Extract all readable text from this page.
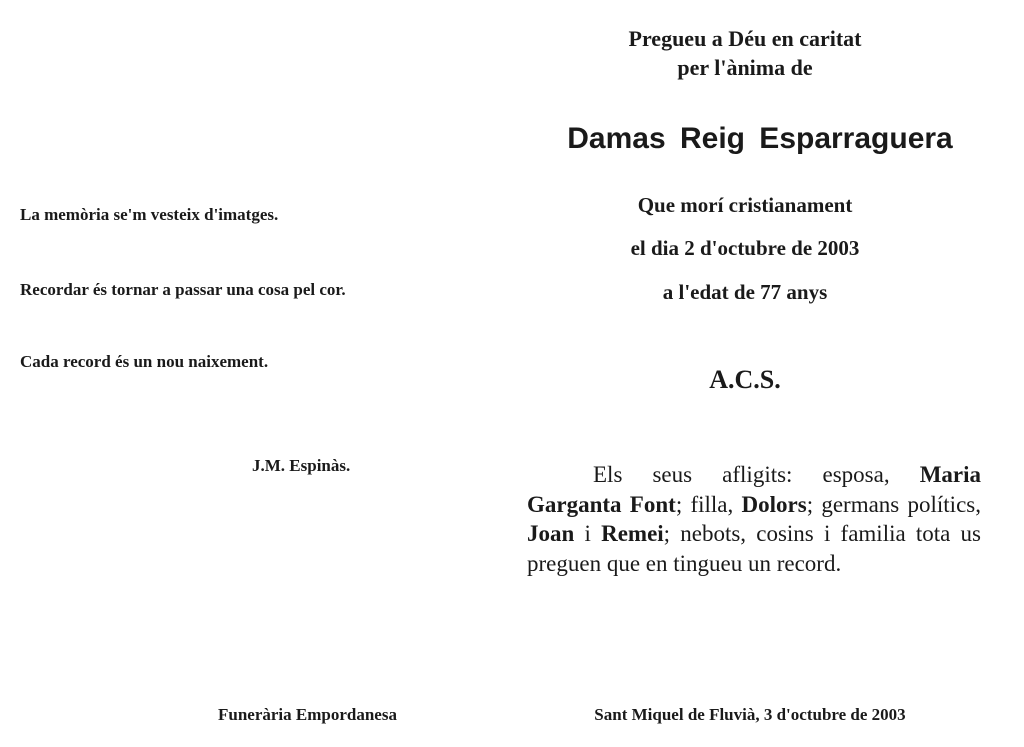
La memòria se'm vesteix d'imatges.
Recordar és tornar a passar una cosa pel cor.
Cada record és un nou naixement.
J.M. Espinàs.
Funerària Empordanesa
Pregueu a Déu en caritat
per l'ànima de
Damas Reig Esparraguera
Que morí cristianament
el dia 2 d'octubre de 2003
a l'edat de 77 anys
A.C.S.
Els seus afligits: esposa, Maria Garganta Font; filla, Dolors; germans polítics, Joan i Remei; nebots, cosins i familia tota us preguen que en tingueu un record.
Sant Miquel de Fluvià, 3 d'octubre de 2003
